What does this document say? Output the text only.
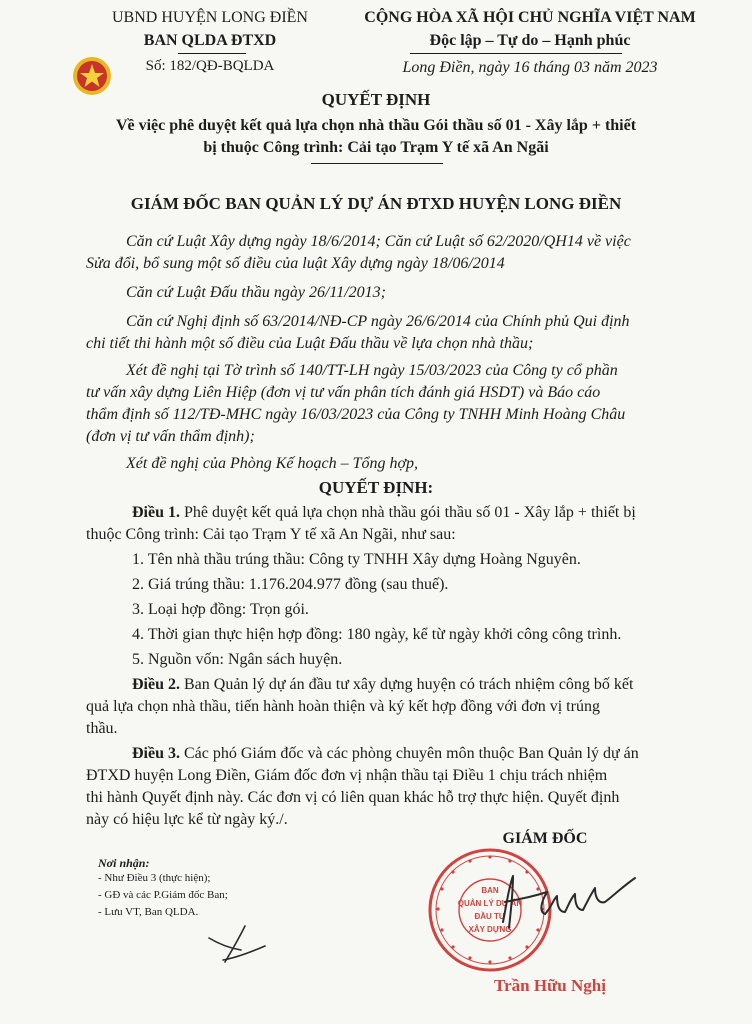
UBND HUYỆN LONG ĐIỀN

BAN QLDA ĐTXD

Số: 182/QĐ-BQLDA

CỘNG HÒA XÃ HỘI CHỦ NGHĨA VIỆT NAM

Độc lập – Tự do – Hạnh phúc

Long Điền, ngày 16 tháng 03 năm 2023

QUYẾT ĐỊNH

Về việc phê duyệt kết quả lựa chọn nhà thầu Gói thầu số 01 - Xây lắp + thiết

bị thuộc Công trình: Cải tạo Trạm Y tế xã An Ngãi

GIÁM ĐỐC BAN QUẢN LÝ DỰ ÁN ĐTXD HUYỆN LONG ĐIỀN

Căn cứ Luật Xây dựng ngày 18/6/2014; Căn cứ Luật số 62/2020/QH14 về việc

Sửa đổi, bổ sung một số điều của luật Xây dựng ngày 18/06/2014

Căn cứ Luật Đấu thầu ngày 26/11/2013;

Căn cứ Nghị định số 63/2014/NĐ-CP ngày 26/6/2014 của Chính phủ Qui định

chi tiết thi hành một số điều của Luật Đấu thầu về lựa chọn nhà thầu;

Xét đề nghị tại Tờ trình số 140/TT-LH ngày 15/03/2023 của Công ty cổ phần

tư vấn xây dựng Liên Hiệp (đơn vị tư vấn phân tích đánh giá HSDT) và Báo cáo

thẩm định số 112/TĐ-MHC ngày 16/03/2023 của Công ty TNHH Minh Hoàng Châu

(đơn vị tư vấn thẩm định);

Xét đề nghị của Phòng Kế hoạch – Tổng hợp,

QUYẾT ĐỊNH:

Điều 1. Phê duyệt kết quả lựa chọn nhà thầu gói thầu số 01 - Xây lắp + thiết bị

thuộc Công trình: Cải tạo Trạm Y tế xã An Ngãi, như sau:

1. Tên nhà thầu trúng thầu: Công ty TNHH Xây dựng Hoàng Nguyên.

2. Giá trúng thầu: 1.176.204.977 đồng (sau thuế).

3. Loại hợp đồng: Trọn gói.

4. Thời gian thực hiện hợp đồng: 180 ngày, kể từ ngày khởi công công trình.

5. Nguồn vốn: Ngân sách huyện.

Điều 2. Ban Quản lý dự án đầu tư xây dựng huyện có trách nhiệm công bố kết

quả lựa chọn nhà thầu, tiến hành hoàn thiện và ký kết hợp đồng với đơn vị trúng

thầu.

Điều 3. Các phó Giám đốc và các phòng chuyên môn thuộc Ban Quản lý dự án

ĐTXD huyện Long Điền, Giám đốc đơn vị nhận thầu tại Điều 1 chịu trách nhiệm

thi hành Quyết định này. Các đơn vị có liên quan khác hỗ trợ thực hiện. Quyết định

này có hiệu lực kể từ ngày ký./.

Nơi nhận:

- Như Điều 3 (thực hiện);

- GĐ và các P.Giám đốc Ban;

- Lưu VT, Ban QLDA.

GIÁM ĐỐC

BAN
QUẢN LÝ DỰ ÁN
ĐẦU TƯ
XÂY DỰNG

Trần Hữu Nghị
